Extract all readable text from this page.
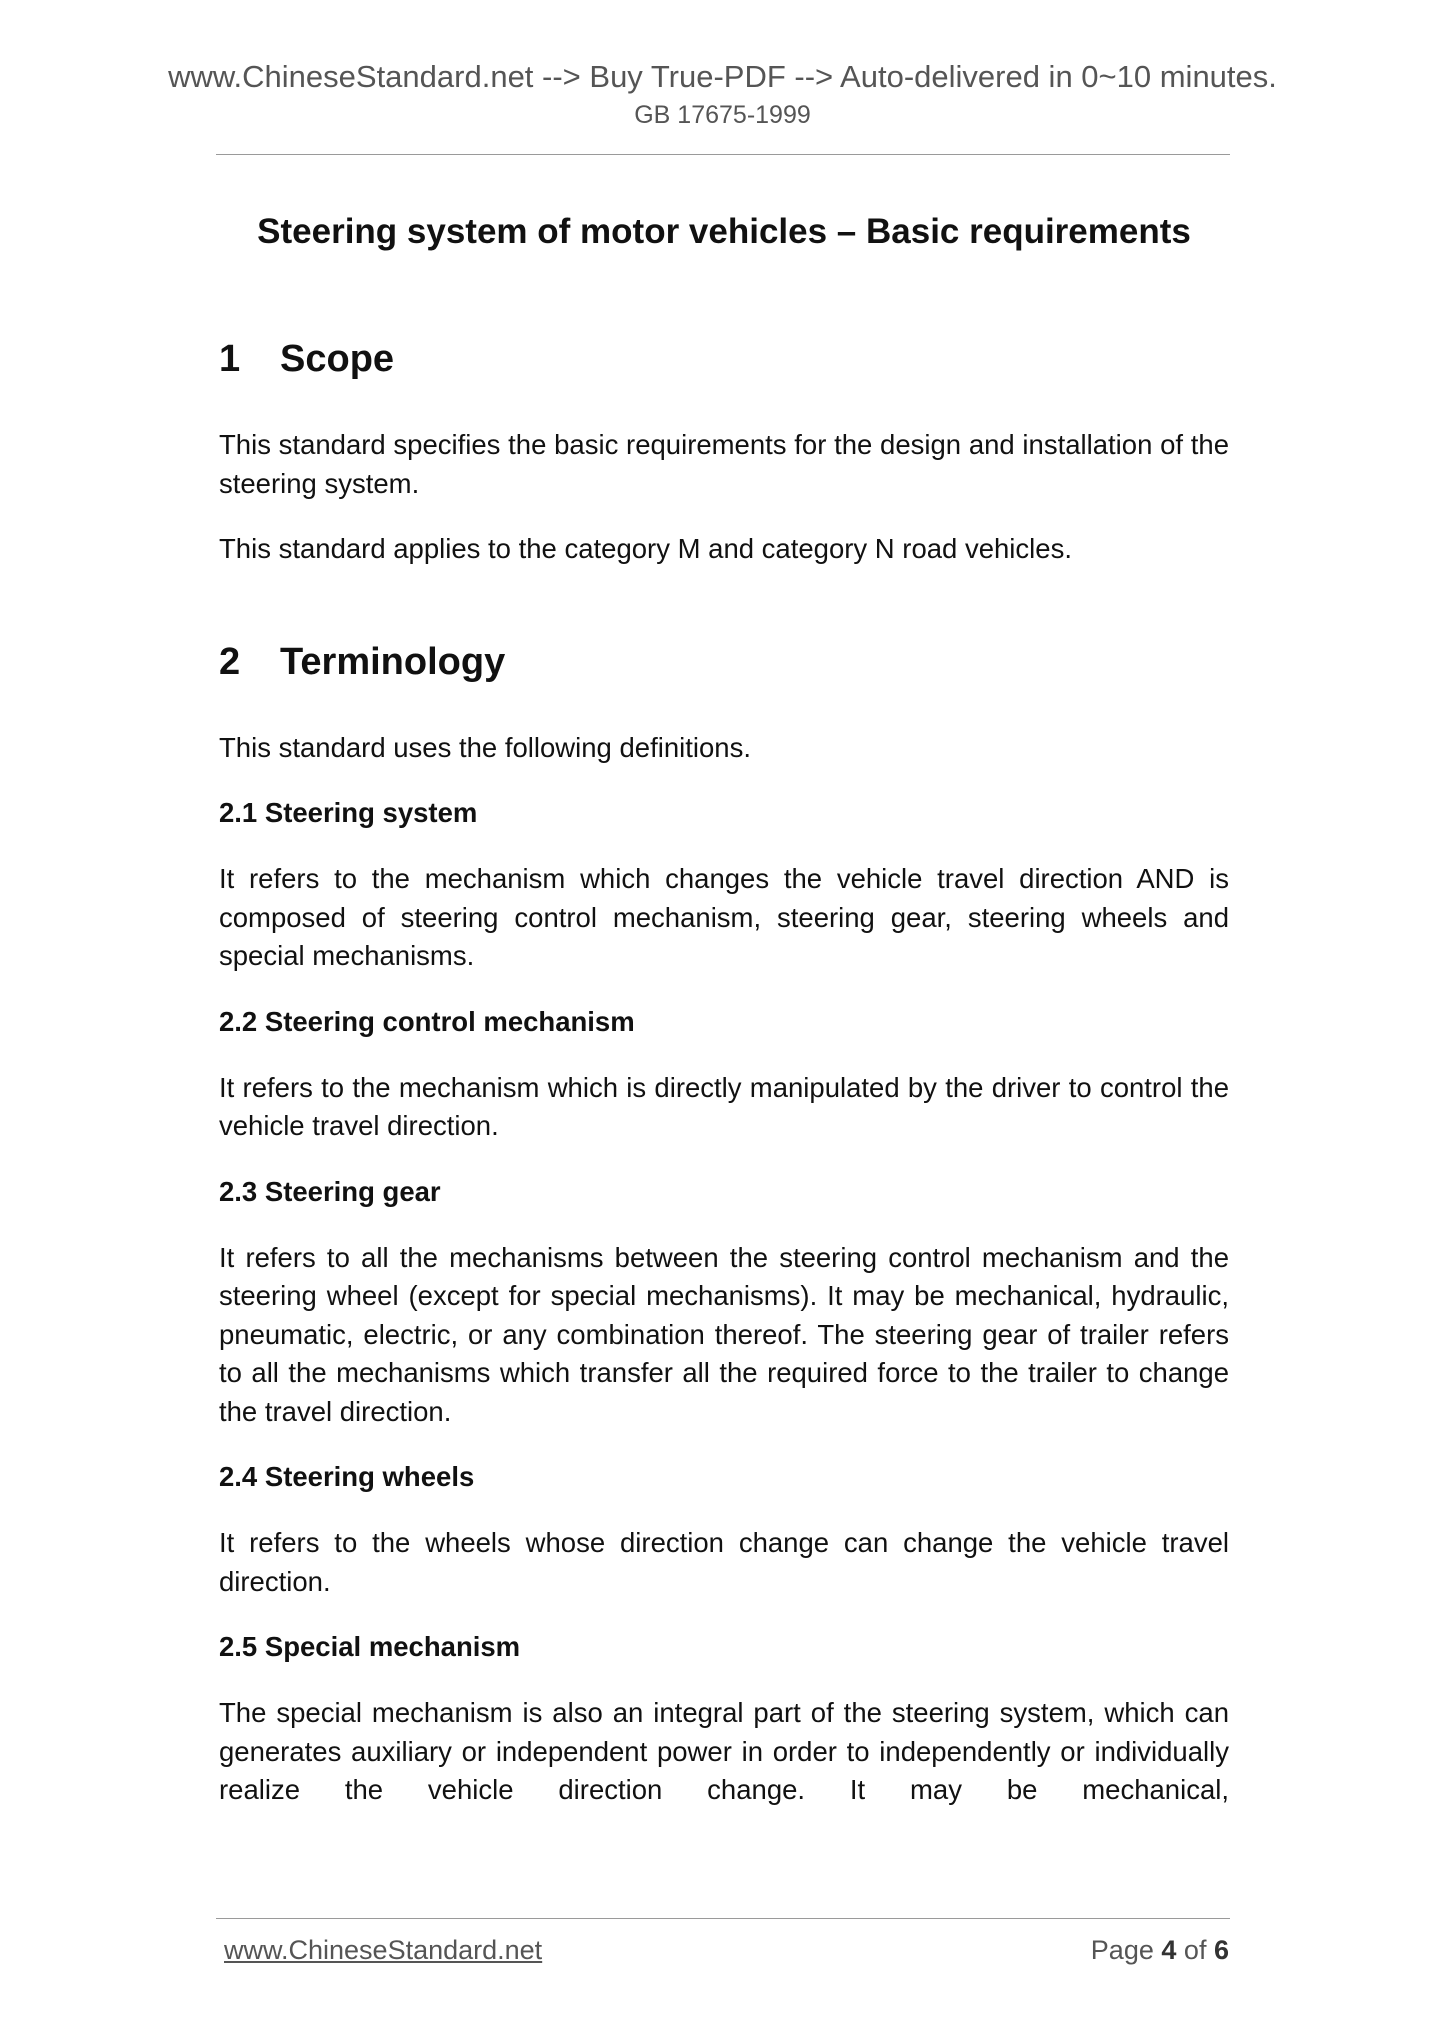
www.ChineseStandard.net --> Buy True-PDF --> Auto-delivered in 0~10 minutes.
GB 17675-1999
Steering system of motor vehicles – Basic requirements
1	Scope

This standard specifies the basic requirements for the design and installation of the steering system.

This standard applies to the category M and category N road vehicles.

2	Terminology

This standard uses the following definitions.

2.1 Steering system

It refers to the mechanism which changes the vehicle travel direction AND is composed of steering control mechanism, steering gear, steering wheels and special mechanisms.

2.2 Steering control mechanism

It refers to the mechanism which is directly manipulated by the driver to control the vehicle travel direction.

2.3 Steering gear

It refers to all the mechanisms between the steering control mechanism and the steering wheel (except for special mechanisms). It may be mechanical, hydraulic, pneumatic, electric, or any combination thereof. The steering gear of trailer refers to all the mechanisms which transfer all the required force to the trailer to change the travel direction.

2.4 Steering wheels

It refers to the wheels whose direction change can change the vehicle travel direction.

2.5 Special mechanism

The special mechanism is also an integral part of the steering system, which can generates auxiliary or independent power in order to independently or individually realize the vehicle direction change. It may be mechanical,

www.ChineseStandard.net	Page 4 of 6
